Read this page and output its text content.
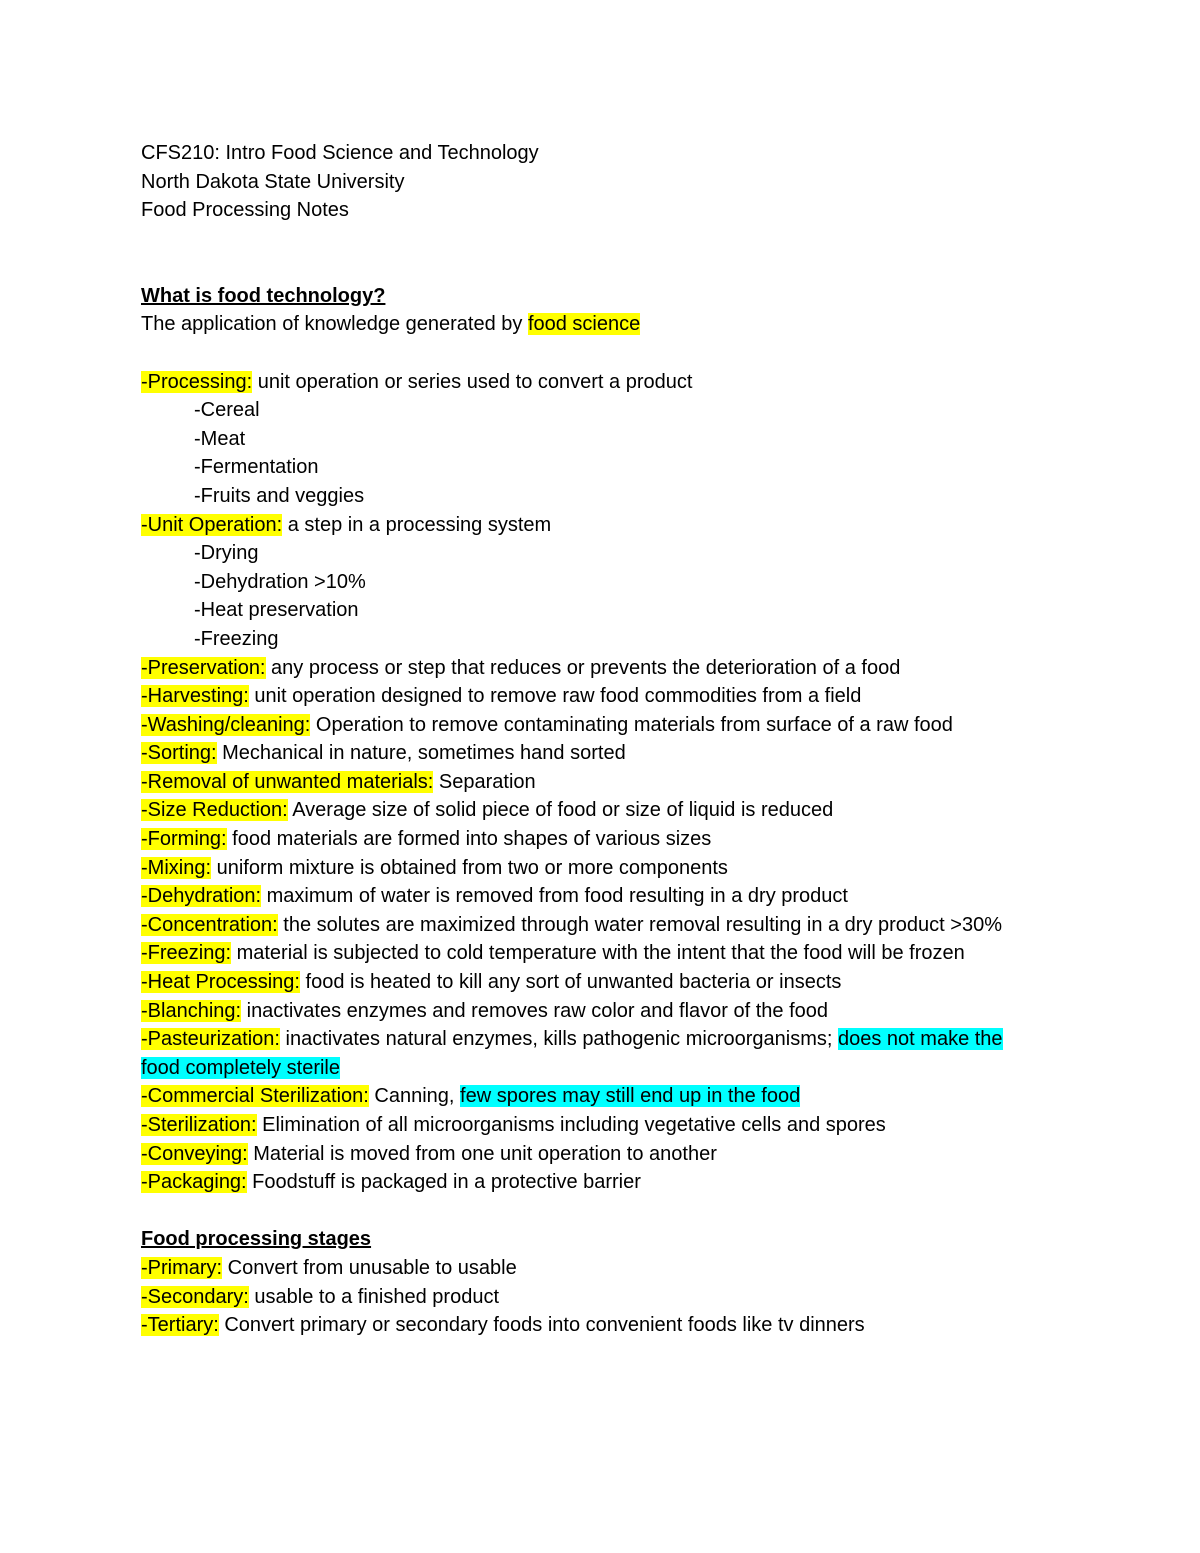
CFS210: Intro Food Science and Technology

North Dakota State University

Food Processing Notes

What is food technology?

The application of knowledge generated by food science

-Processing: unit operation or series used to convert a product

-Cereal

-Meat

-Fermentation

-Fruits and veggies

-Unit Operation: a step in a processing system

-Drying

-Dehydration >10%

-Heat preservation

-Freezing

-Preservation: any process or step that reduces or prevents the deterioration of a food

-Harvesting: unit operation designed to remove raw food commodities from a field

-Washing/cleaning: Operation to remove contaminating materials from surface of a raw food

-Sorting: Mechanical in nature, sometimes hand sorted

-Removal of unwanted materials: Separation

-Size Reduction: Average size of solid piece of food or size of liquid is reduced

-Forming: food materials are formed into shapes of various sizes

-Mixing: uniform mixture is obtained from two or more components

-Dehydration: maximum of water is removed from food resulting in a dry product

-Concentration: the solutes are maximized through water removal resulting in a dry product >30%

-Freezing: material is subjected to cold temperature with the intent that the food will be frozen

-Heat Processing: food is heated to kill any sort of unwanted bacteria or insects

-Blanching: inactivates enzymes and removes raw color and flavor of the food

-Pasteurization: inactivates natural enzymes, kills pathogenic microorganisms; does not make the food completely sterile

-Commercial Sterilization: Canning, few spores may still end up in the food

-Sterilization: Elimination of all microorganisms including vegetative cells and spores

-Conveying: Material is moved from one unit operation to another

-Packaging: Foodstuff is packaged in a protective barrier

Food processing stages

-Primary: Convert from unusable to usable

-Secondary: usable to a finished product

-Tertiary: Convert primary or secondary foods into convenient foods like tv dinners
